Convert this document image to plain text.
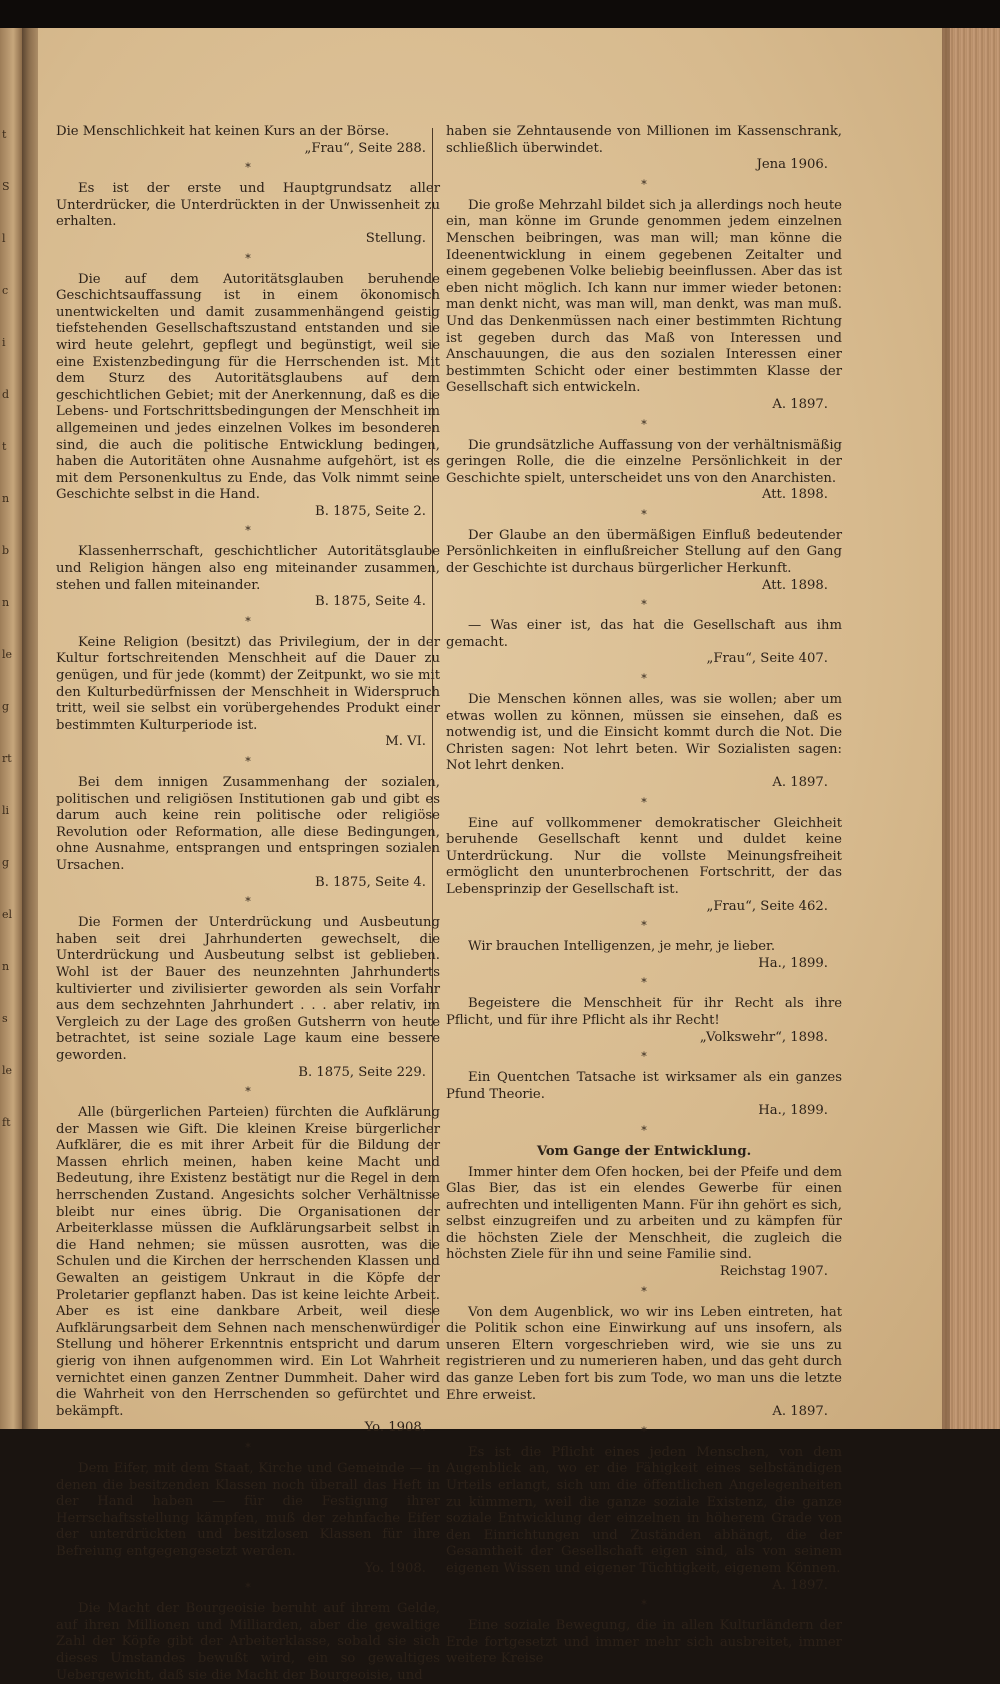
t
S
l
c
i
d
t
n
b
n
le
g
rt
li
g
el
n
s
le
ft

Die Menschlichkeit hat keinen Kurs an der Börse.

„Frau“, Seite 288.
*

Es ist der erste und Hauptgrundsatz aller Unterdrücker, die Unterdrückten in der Unwissenheit zu erhalten.

Stellung.
*

Die auf dem Autoritätsglauben beruhende Geschichtsauffassung ist in einem ökonomisch unentwickelten und damit zusammenhängend geistig tiefstehenden Gesellschaftszustand entstanden und sie wird heute gelehrt, gepflegt und begünstigt, weil sie eine Existenzbedingung für die Herrschenden ist. Mit dem Sturz des Autoritätsglaubens auf dem geschichtlichen Gebiet; mit der Anerkennung, daß es die Lebens- und Fortschrittsbedingungen der Menschheit im allgemeinen und jedes einzelnen Volkes im besonderen sind, die auch die politische Entwicklung bedingen, haben die Autoritäten ohne Ausnahme aufgehört, ist es mit dem Personenkultus zu Ende, das Volk nimmt seine Geschichte selbst in die Hand.

B. 1875, Seite 2.
*

Klassenherrschaft, geschichtlicher Autoritätsglaube und Religion hängen also eng miteinander zusammen, stehen und fallen miteinander.

B. 1875, Seite 4.
*

Keine Religion (besitzt) das Privilegium, der in der Kultur fortschreitenden Menschheit auf die Dauer zu genügen, und für jede (kommt) der Zeitpunkt, wo sie mit den Kulturbedürfnissen der Menschheit in Widerspruch tritt, weil sie selbst ein vorübergehendes Produkt einer bestimmten Kulturperiode ist.

M. VI.
*

Bei dem innigen Zusammenhang der sozialen, politischen und religiösen Institutionen gab und gibt es darum auch keine rein politische oder religiöse Revolution oder Reformation, alle diese Bedingungen, ohne Ausnahme, entsprangen und entspringen sozialen Ursachen.

B. 1875, Seite 4.
*

Die Formen der Unterdrückung und Ausbeutung haben seit drei Jahrhunderten gewechselt, die Unterdrückung und Ausbeutung selbst ist geblieben. Wohl ist der Bauer des neunzehnten Jahrhunderts kultivierter und zivilisierter geworden als sein Vorfahr aus dem sechzehnten Jahrhundert . . . aber relativ, im Vergleich zu der Lage des großen Gutsherrn von heute betrachtet, ist seine soziale Lage kaum eine bessere geworden.

B. 1875, Seite 229.
*

Alle (bürgerlichen Parteien) fürchten die Aufklärung der Massen wie Gift. Die kleinen Kreise bürgerlicher Aufklärer, die es mit ihrer Arbeit für die Bildung der Massen ehrlich meinen, haben keine Macht und Bedeutung, ihre Existenz bestätigt nur die Regel in dem herrschenden Zustand. Angesichts solcher Verhältnisse bleibt nur eines übrig. Die Organisationen der Arbeiterklasse müssen die Aufklärungsarbeit selbst in die Hand nehmen; sie müssen ausrotten, was die Schulen und die Kirchen der herrschenden Klassen und Gewalten an geistigem Unkraut in die Köpfe der Proletarier gepflanzt haben. Das ist keine leichte Arbeit. Aber es ist eine dankbare Arbeit, weil diese Aufklärungsarbeit dem Sehnen nach menschenwürdiger Stellung und höherer Erkenntnis entspricht und darum gierig von ihnen aufgenommen wird. Ein Lot Wahrheit vernichtet einen ganzen Zentner Dummheit. Daher wird die Wahrheit von den Herrschenden so gefürchtet und bekämpft.

Yo. 1908.
*

Dem Eifer, mit dem Staat, Kirche und Gemeinde — in denen die besitzenden Klassen noch überall das Heft in der Hand haben — für die Festigung ihrer Herrschaftsstellung kämpfen, muß der zehnfache Eifer der unterdrückten und besitzlosen Klassen für ihre Befreiung entgegengesetzt werden.

Yo. 1908.
*

Die Macht der Bourgeoisie beruht auf ihrem Gelde, auf ihren Millionen und Milliarden, aber die gewaltige Zahl der Köpfe gibt der Arbeiterklasse, sobald sie sich dieses Umstandes bewußt wird, ein so gewaltiges Uebergewicht, daß sie die Macht der Bourgeoisie, und

haben sie Zehntausende von Millionen im Kassenschrank, schließlich überwindet.

Jena 1906.
*

Die große Mehrzahl bildet sich ja allerdings noch heute ein, man könne im Grunde genommen jedem einzelnen Menschen beibringen, was man will; man könne die Ideenentwicklung in einem gegebenen Zeitalter und einem gegebenen Volke beliebig beeinflussen. Aber das ist eben nicht möglich. Ich kann nur immer wieder betonen: man denkt nicht, was man will, man denkt, was man muß. Und das Denkenmüssen nach einer bestimmten Richtung ist gegeben durch das Maß von Interessen und Anschauungen, die aus den sozialen Interessen einer bestimmten Schicht oder einer bestimmten Klasse der Gesellschaft sich entwickeln.

A. 1897.
*

Die grundsätzliche Auffassung von der verhältnismäßig geringen Rolle, die die einzelne Persönlichkeit in der Geschichte spielt, unterscheidet uns von den Anarchisten.

Att. 1898.
*

Der Glaube an den übermäßigen Einfluß bedeutender Persönlichkeiten in einflußreicher Stellung auf den Gang der Geschichte ist durchaus bürgerlicher Herkunft.

Att. 1898.
*

— Was einer ist, das hat die Gesellschaft aus ihm gemacht.

„Frau“, Seite 407.
*

Die Menschen können alles, was sie wollen; aber um etwas wollen zu können, müssen sie einsehen, daß es notwendig ist, und die Einsicht kommt durch die Not. Die Christen sagen: Not lehrt beten. Wir Sozialisten sagen: Not lehrt denken.

A. 1897.
*

Eine auf vollkommener demokratischer Gleichheit beruhende Gesellschaft kennt und duldet keine Unterdrückung. Nur die vollste Meinungsfreiheit ermöglicht den ununterbrochenen Fortschritt, der das Lebensprinzip der Gesellschaft ist.

„Frau“, Seite 462.
*

Wir brauchen Intelligenzen, je mehr, je lieber.

Ha., 1899.
*

Begeistere die Menschheit für ihr Recht als ihre Pflicht, und für ihre Pflicht als ihr Recht!

„Volkswehr“, 1898.
*

Ein Quentchen Tatsache ist wirksamer als ein ganzes Pfund Theorie.

Ha., 1899.
*
Vom Gange der Entwicklung.

Immer hinter dem Ofen hocken, bei der Pfeife und dem Glas Bier, das ist ein elendes Gewerbe für einen aufrechten und intelligenten Mann. Für ihn gehört es sich, selbst einzugreifen und zu arbeiten und zu kämpfen für die höchsten Ziele der Menschheit, die zugleich die höchsten Ziele für ihn und seine Familie sind.

Reichstag 1907.
*

Von dem Augenblick, wo wir ins Leben eintreten, hat die Politik schon eine Einwirkung auf uns insofern, als unseren Eltern vorgeschrieben wird, wie sie uns zu registrieren und zu numerieren haben, und das geht durch das ganze Leben fort bis zum Tode, wo man uns die letzte Ehre erweist.

A. 1897.
*

Es ist die Pflicht eines jeden Menschen, von dem Augenblick an, wo er die Fähigkeit eines selbständigen Urteils erlangt, sich um die öffentlichen Angelegenheiten zu kümmern, weil die ganze soziale Existenz, die ganze soziale Entwicklung der einzelnen in höherem Grade von den Einrichtungen und Zuständen abhängt, die der Gesamtheit der Gesellschaft eigen sind, als von seinem eigenen Wissen und eigener Tüchtigkeit, eigenem Können.

A. 1897.
*

Eine soziale Bewegung, die in allen Kulturländern der Erde fortgesetzt und immer mehr sich ausbreitet, immer weitere Kreise
